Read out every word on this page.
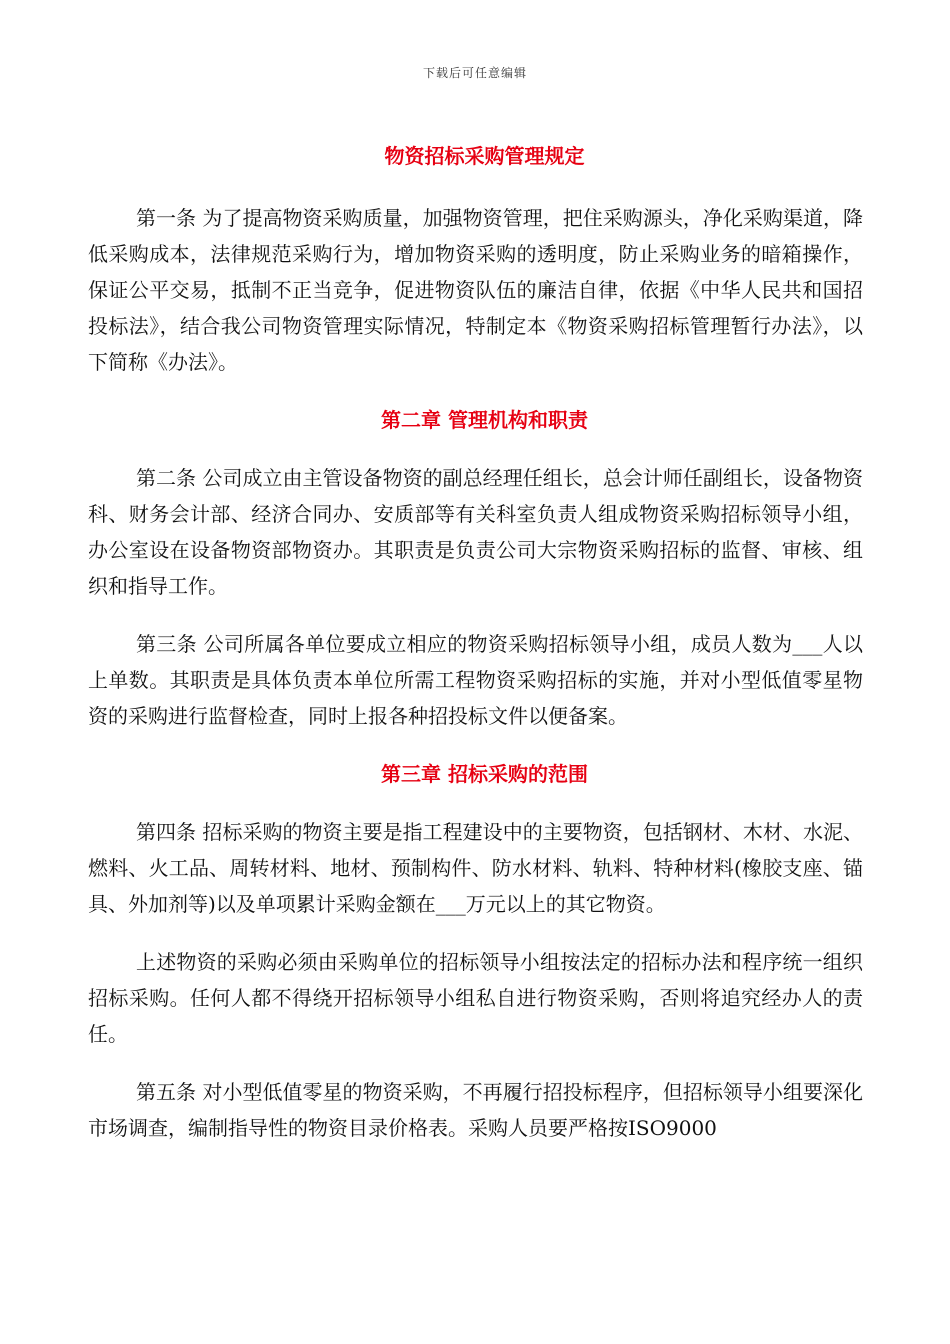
下载后可任意编辑
物资招标采购管理规定

第一条 为了提高物资采购质量，加强物资管理，把住采购源头，净化采购渠道，降低采购成本，法律规范采购行为，增加物资采购的透明度，防止采购业务的暗箱操作，保证公平交易，抵制不正当竞争，促进物资队伍的廉洁自律，依据《中华人民共和国招投标法》，结合我公司物资管理实际情况，特制定本《物资采购招标管理暂行办法》，以下简称《办法》。

第二章 管理机构和职责

第二条 公司成立由主管设备物资的副总经理任组长，总会计师任副组长，设备物资科、财务会计部、经济合同办、安质部等有关科室负责人组成物资采购招标领导小组，办公室设在设备物资部物资办。其职责是负责公司大宗物资采购招标的监督、审核、组织和指导工作。

第三条 公司所属各单位要成立相应的物资采购招标领导小组，成员人数为___人以上单数。其职责是具体负责本单位所需工程物资采购招标的实施，并对小型低值零星物资的采购进行监督检查，同时上报各种招投标文件以便备案。

第三章 招标采购的范围

第四条 招标采购的物资主要是指工程建设中的主要物资，包括钢材、木材、水泥、燃料、火工品、周转材料、地材、预制构件、防水材料、轨料、特种材料(橡胶支座、锚具、外加剂等)以及单项累计采购金额在___万元以上的其它物资。

上述物资的采购必须由采购单位的招标领导小组按法定的招标办法和程序统一组织招标采购。任何人都不得绕开招标领导小组私自进行物资采购，否则将追究经办人的责任。

第五条 对小型低值零星的物资采购，不再履行招投标程序，但招标领导小组要深化市场调查，编制指导性的物资目录价格表。采购人员要严格按ISO9000
